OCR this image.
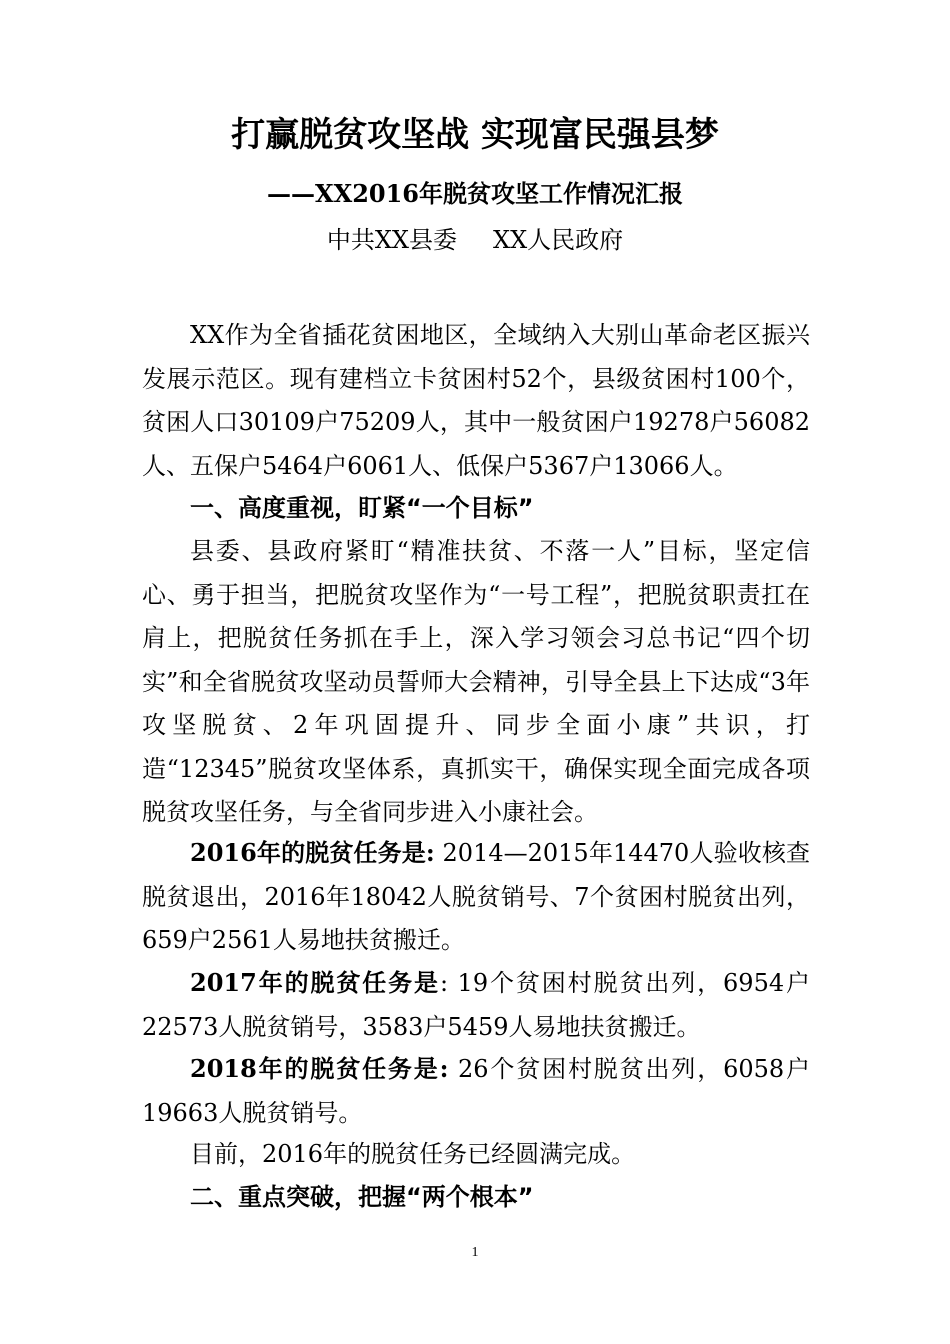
打赢脱贫攻坚战 实现富民强县梦
——XX2016年脱贫攻坚工作情况汇报
中共XX县委 XX人民政府

XX作为全省插花贫困地区，全域纳入大别山革命老区振兴发展示范区。现有建档立卡贫困村52个，县级贫困村100个，贫困人口30109户75209人，其中一般贫困户19278户56082人、五保户5464户6061人、低保户5367户13066人。

一、高度重视，盯紧“一个目标”

县委、县政府紧盯“精准扶贫、不落一人”目标，坚定信心、勇于担当，把脱贫攻坚作为“一号工程”，把脱贫职责扛在肩上，把脱贫任务抓在手上，深入学习领会习总书记“四个切实”和全省脱贫攻坚动员誓师大会精神，引导全县上下达成“3年攻坚脱贫、2年巩固提升、同步全面小康”共识，打造“12345”脱贫攻坚体系，真抓实干，确保实现全面完成各项脱贫攻坚任务，与全省同步进入小康社会。

2016年的脱贫任务是: 2014—2015年14470人验收核查脱贫退出，2016年18042人脱贫销号、7个贫困村脱贫出列，659户2561人易地扶贫搬迁。

2017年的脱贫任务是: 19个贫困村脱贫出列，6954户22573人脱贫销号，3583户5459人易地扶贫搬迁。

2018年的脱贫任务是: 26个贫困村脱贫出列，6058户19663人脱贫销号。

目前，2016年的脱贫任务已经圆满完成。

二、重点突破，把握“两个根本”

1
